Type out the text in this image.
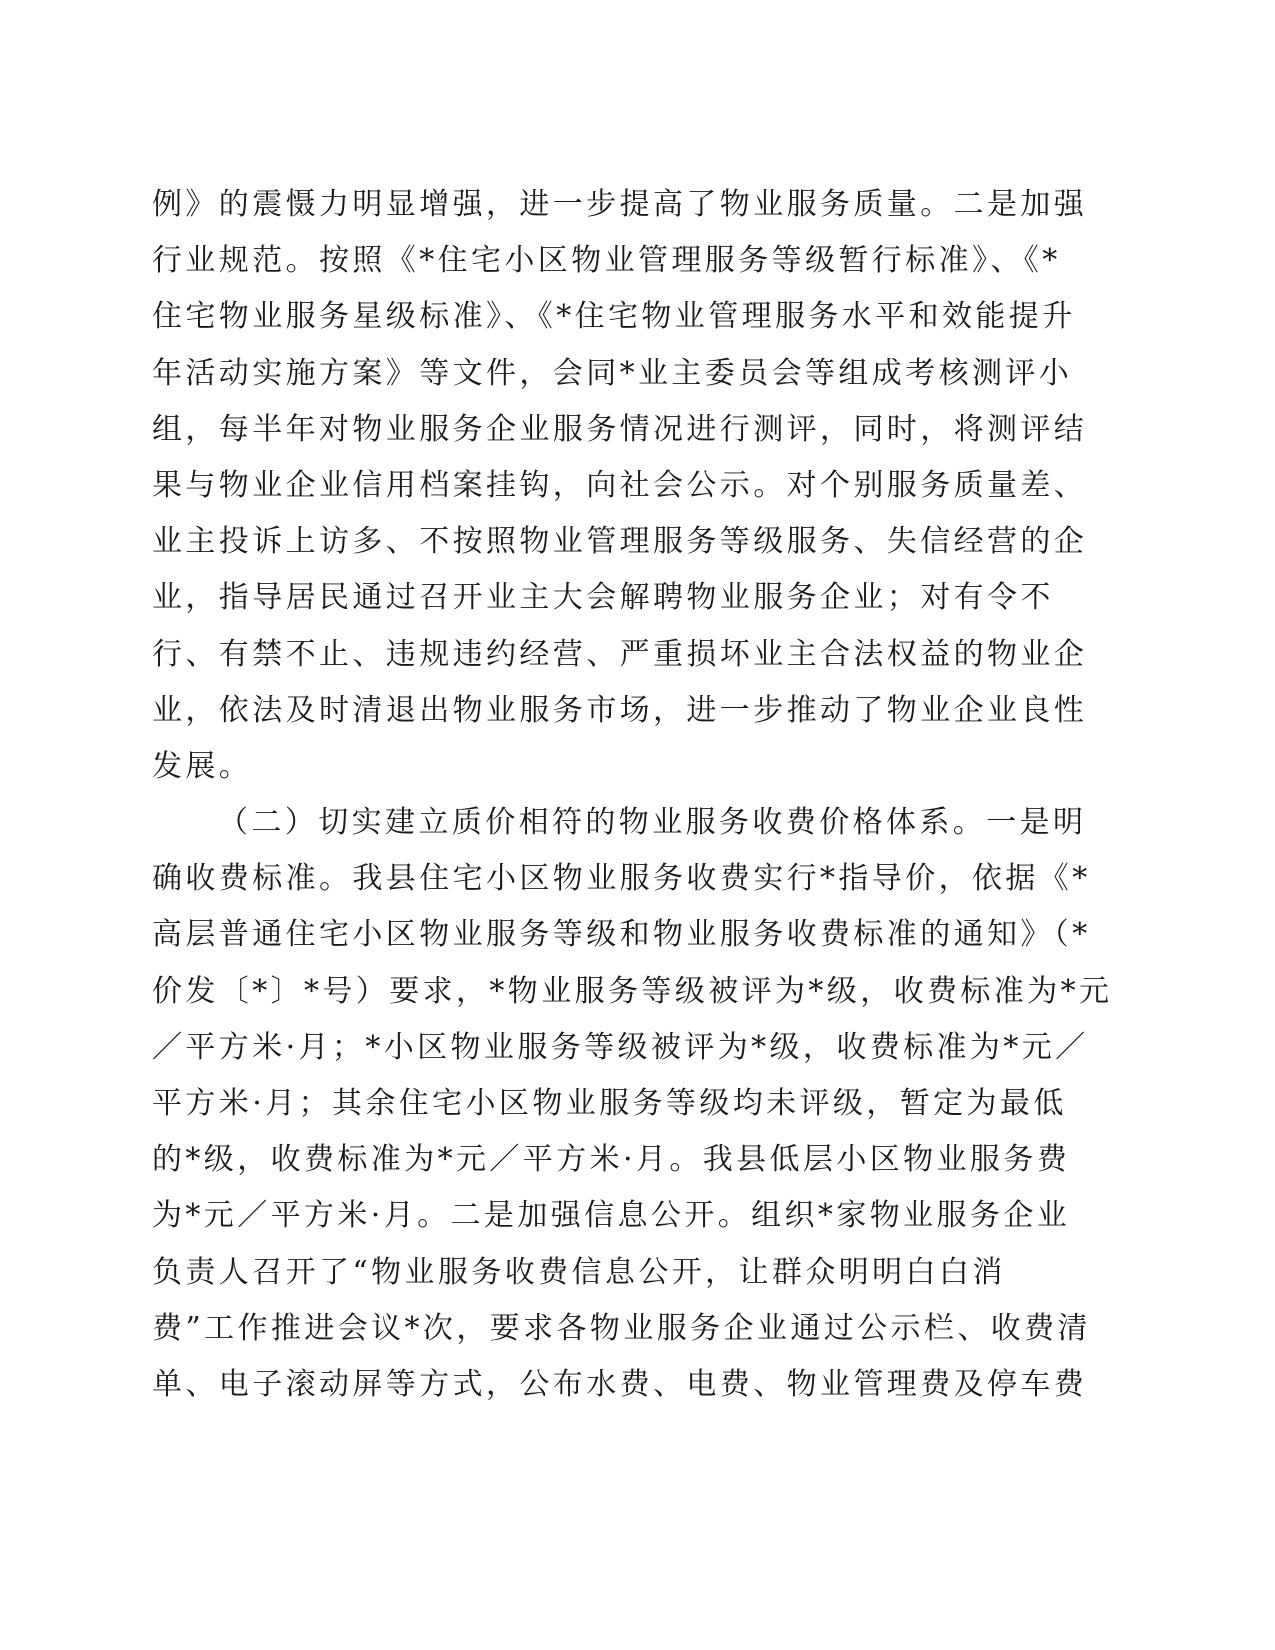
例》的震慑力明显增强，进一步提高了物业服务质量。二是加强
行业规范。按照《*住宅小区物业管理服务等级暂行标准》、《*
住宅物业服务星级标准》、《*住宅物业管理服务水平和效能提升
年活动实施方案》等文件，会同*业主委员会等组成考核测评小
组，每半年对物业服务企业服务情况进行测评，同时，将测评结
果与物业企业信用档案挂钩，向社会公示。对个别服务质量差、
业主投诉上访多、不按照物业管理服务等级服务、失信经营的企
业，指导居民通过召开业主大会解聘物业服务企业；对有令不
行、有禁不止、违规违约经营、严重损坏业主合法权益的物业企
业，依法及时清退出物业服务市场，进一步推动了物业企业良性
发展。
（二）切实建立质价相符的物业服务收费价格体系。一是明
确收费标准。我县住宅小区物业服务收费实行*指导价，依据《*
高层普通住宅小区物业服务等级和物业服务收费标准的通知》（*
价发〔*〕*号）要求，*物业服务等级被评为*级，收费标准为*元
／平方米·月；*小区物业服务等级被评为*级，收费标准为*元／
平方米·月；其余住宅小区物业服务等级均未评级，暂定为最低
的*级，收费标准为*元／平方米·月。我县低层小区物业服务费
为*元／平方米·月。二是加强信息公开。组织*家物业服务企业
负责人召开了“物业服务收费信息公开，让群众明明白白消
费”工作推进会议*次，要求各物业服务企业通过公示栏、收费清
单、电子滚动屏等方式，公布水费、电费、物业管理费及停车费
